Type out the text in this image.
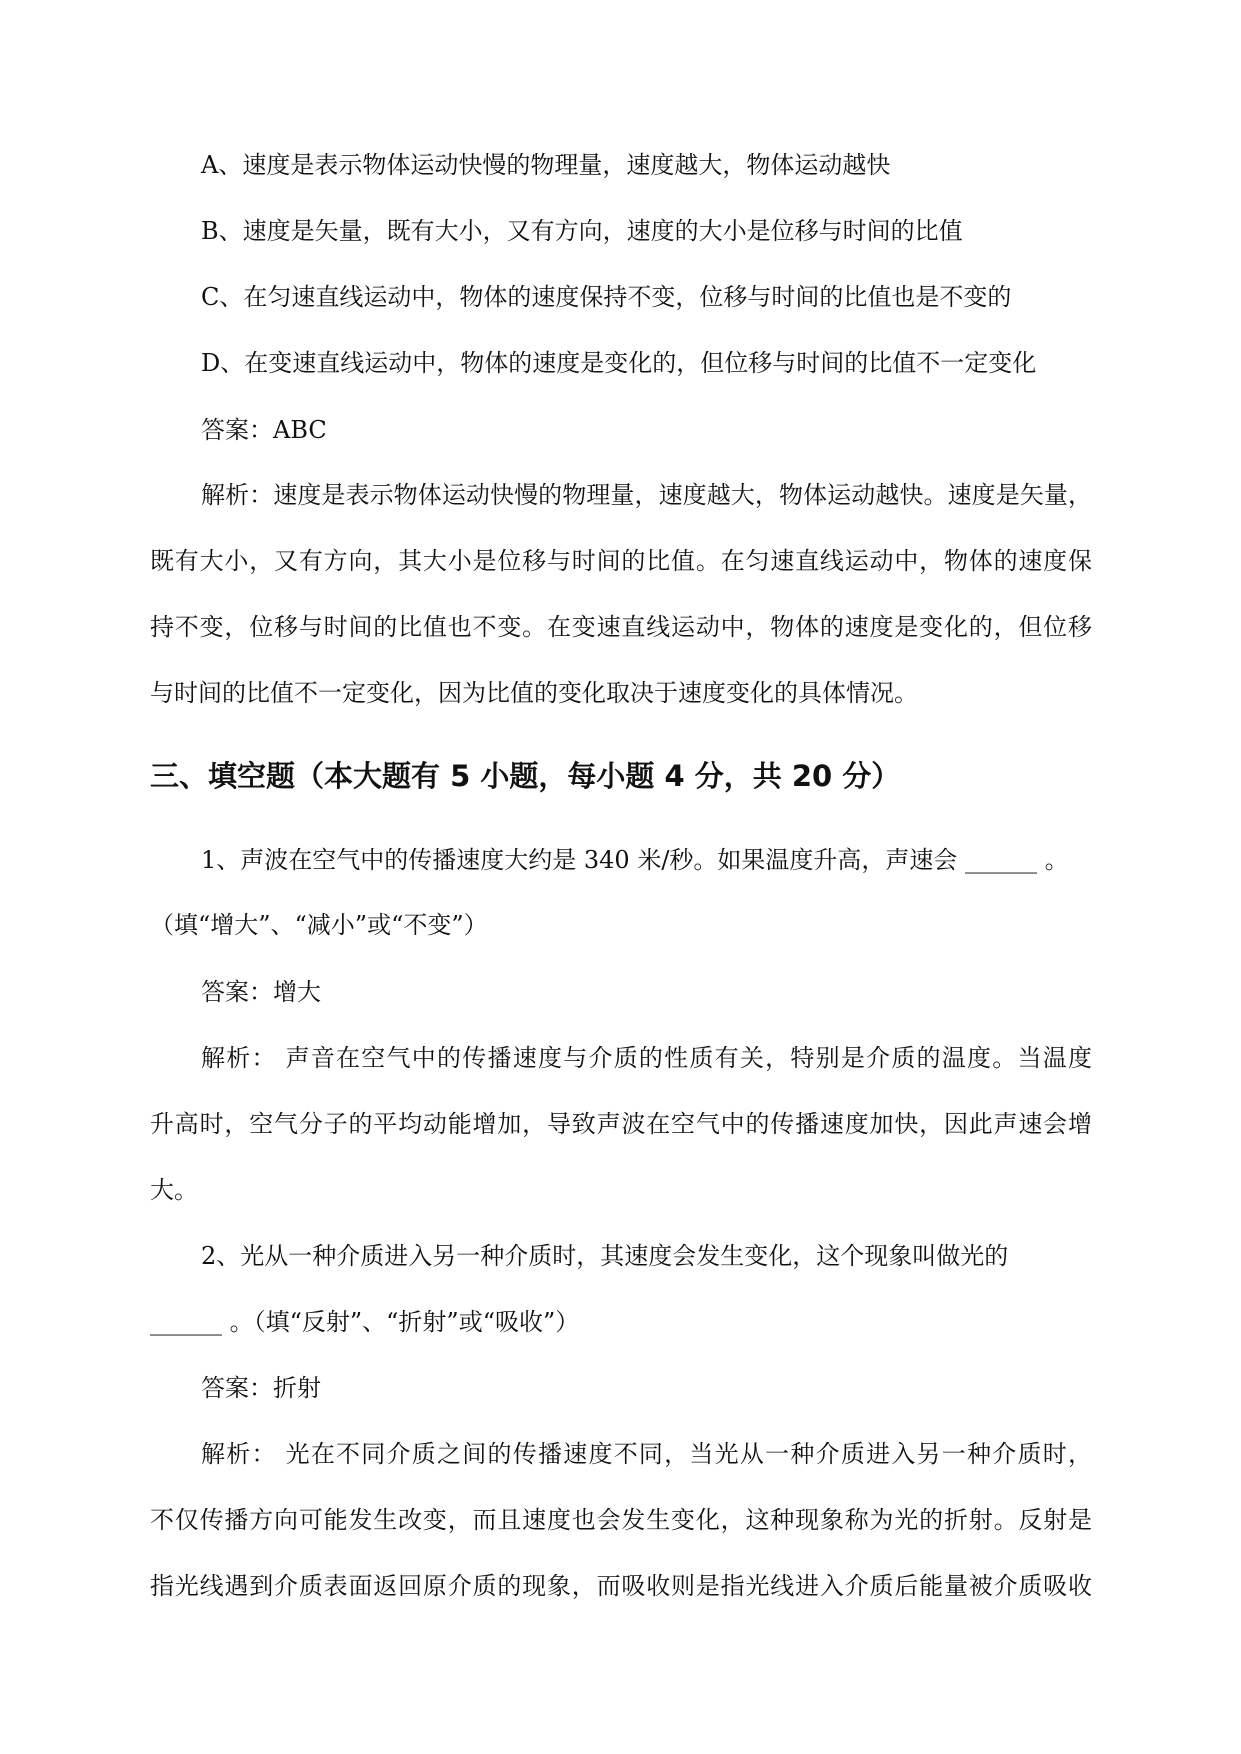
A、速度是表示物体运动快慢的物理量，速度越大，物体运动越快
B、速度是矢量，既有大小，又有方向，速度的大小是位移与时间的比值
C、在匀速直线运动中，物体的速度保持不变，位移与时间的比值也是不变的
D、在变速直线运动中，物体的速度是变化的，但位移与时间的比值不一定变化
答案：ABC
解析：速度是表示物体运动快慢的物理量，速度越大，物体运动越快。速度是矢量，
既有大小，又有方向，其大小是位移与时间的比值。在匀速直线运动中，物体的速度保
持不变，位移与时间的比值也不变。在变速直线运动中，物体的速度是变化的，但位移
与时间的比值不一定变化，因为比值的变化取决于速度变化的具体情况。
三、填空题（本大题有 5 小题，每小题 4 分，共 20 分）
1、声波在空气中的传播速度大约是 340 米/秒。如果温度升高，声速会 ______ 。
（填“增大”、“减小”或“不变”）
答案：增大
解析： 声音在空气中的传播速度与介质的性质有关，特别是介质的温度。当温度
升高时，空气分子的平均动能增加，导致声波在空气中的传播速度加快，因此声速会增
大。
2、光从一种介质进入另一种介质时，其速度会发生变化，这个现象叫做光的
______ 。（填“反射”、“折射”或“吸收”）
答案：折射
解析： 光在不同介质之间的传播速度不同，当光从一种介质进入另一种介质时，
不仅传播方向可能发生改变，而且速度也会发生变化，这种现象称为光的折射。反射是
指光线遇到介质表面返回原介质的现象，而吸收则是指光线进入介质后能量被介质吸收
